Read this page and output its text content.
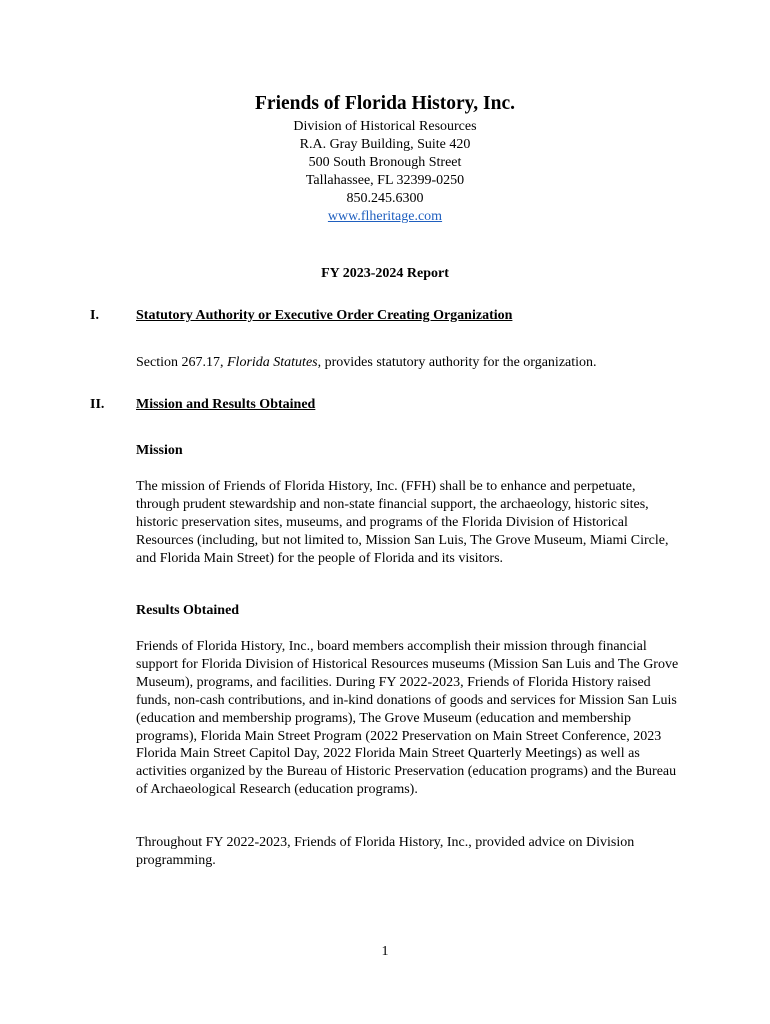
Friends of Florida History, Inc.
Division of Historical Resources
R.A. Gray Building, Suite 420
500 South Bronough Street
Tallahassee, FL 32399-0250
850.245.6300
www.flheritage.com
FY 2023-2024 Report
I.	Statutory Authority or Executive Order Creating Organization
Section 267.17, Florida Statutes, provides statutory authority for the organization.
II. Mission and Results Obtained
Mission
The mission of Friends of Florida History, Inc. (FFH) shall be to enhance and perpetuate, through prudent stewardship and non-state financial support, the archaeology, historic sites, historic preservation sites, museums, and programs of the Florida Division of Historical Resources (including, but not limited to, Mission San Luis, The Grove Museum, Miami Circle, and Florida Main Street) for the people of Florida and its visitors.
Results Obtained
Friends of Florida History, Inc., board members accomplish their mission through financial support for Florida Division of Historical Resources museums (Mission San Luis and The Grove Museum), programs, and facilities. During FY 2022-2023, Friends of Florida History raised funds, non-cash contributions, and in-kind donations of goods and services for Mission San Luis (education and membership programs), The Grove Museum (education and membership programs), Florida Main Street Program (2022 Preservation on Main Street Conference, 2023 Florida Main Street Capitol Day, 2022 Florida Main Street Quarterly Meetings) as well as activities organized by the Bureau of Historic Preservation (education programs) and the Bureau of Archaeological Research (education programs).
Throughout FY 2022-2023, Friends of Florida History, Inc., provided advice on Division programming.
1
